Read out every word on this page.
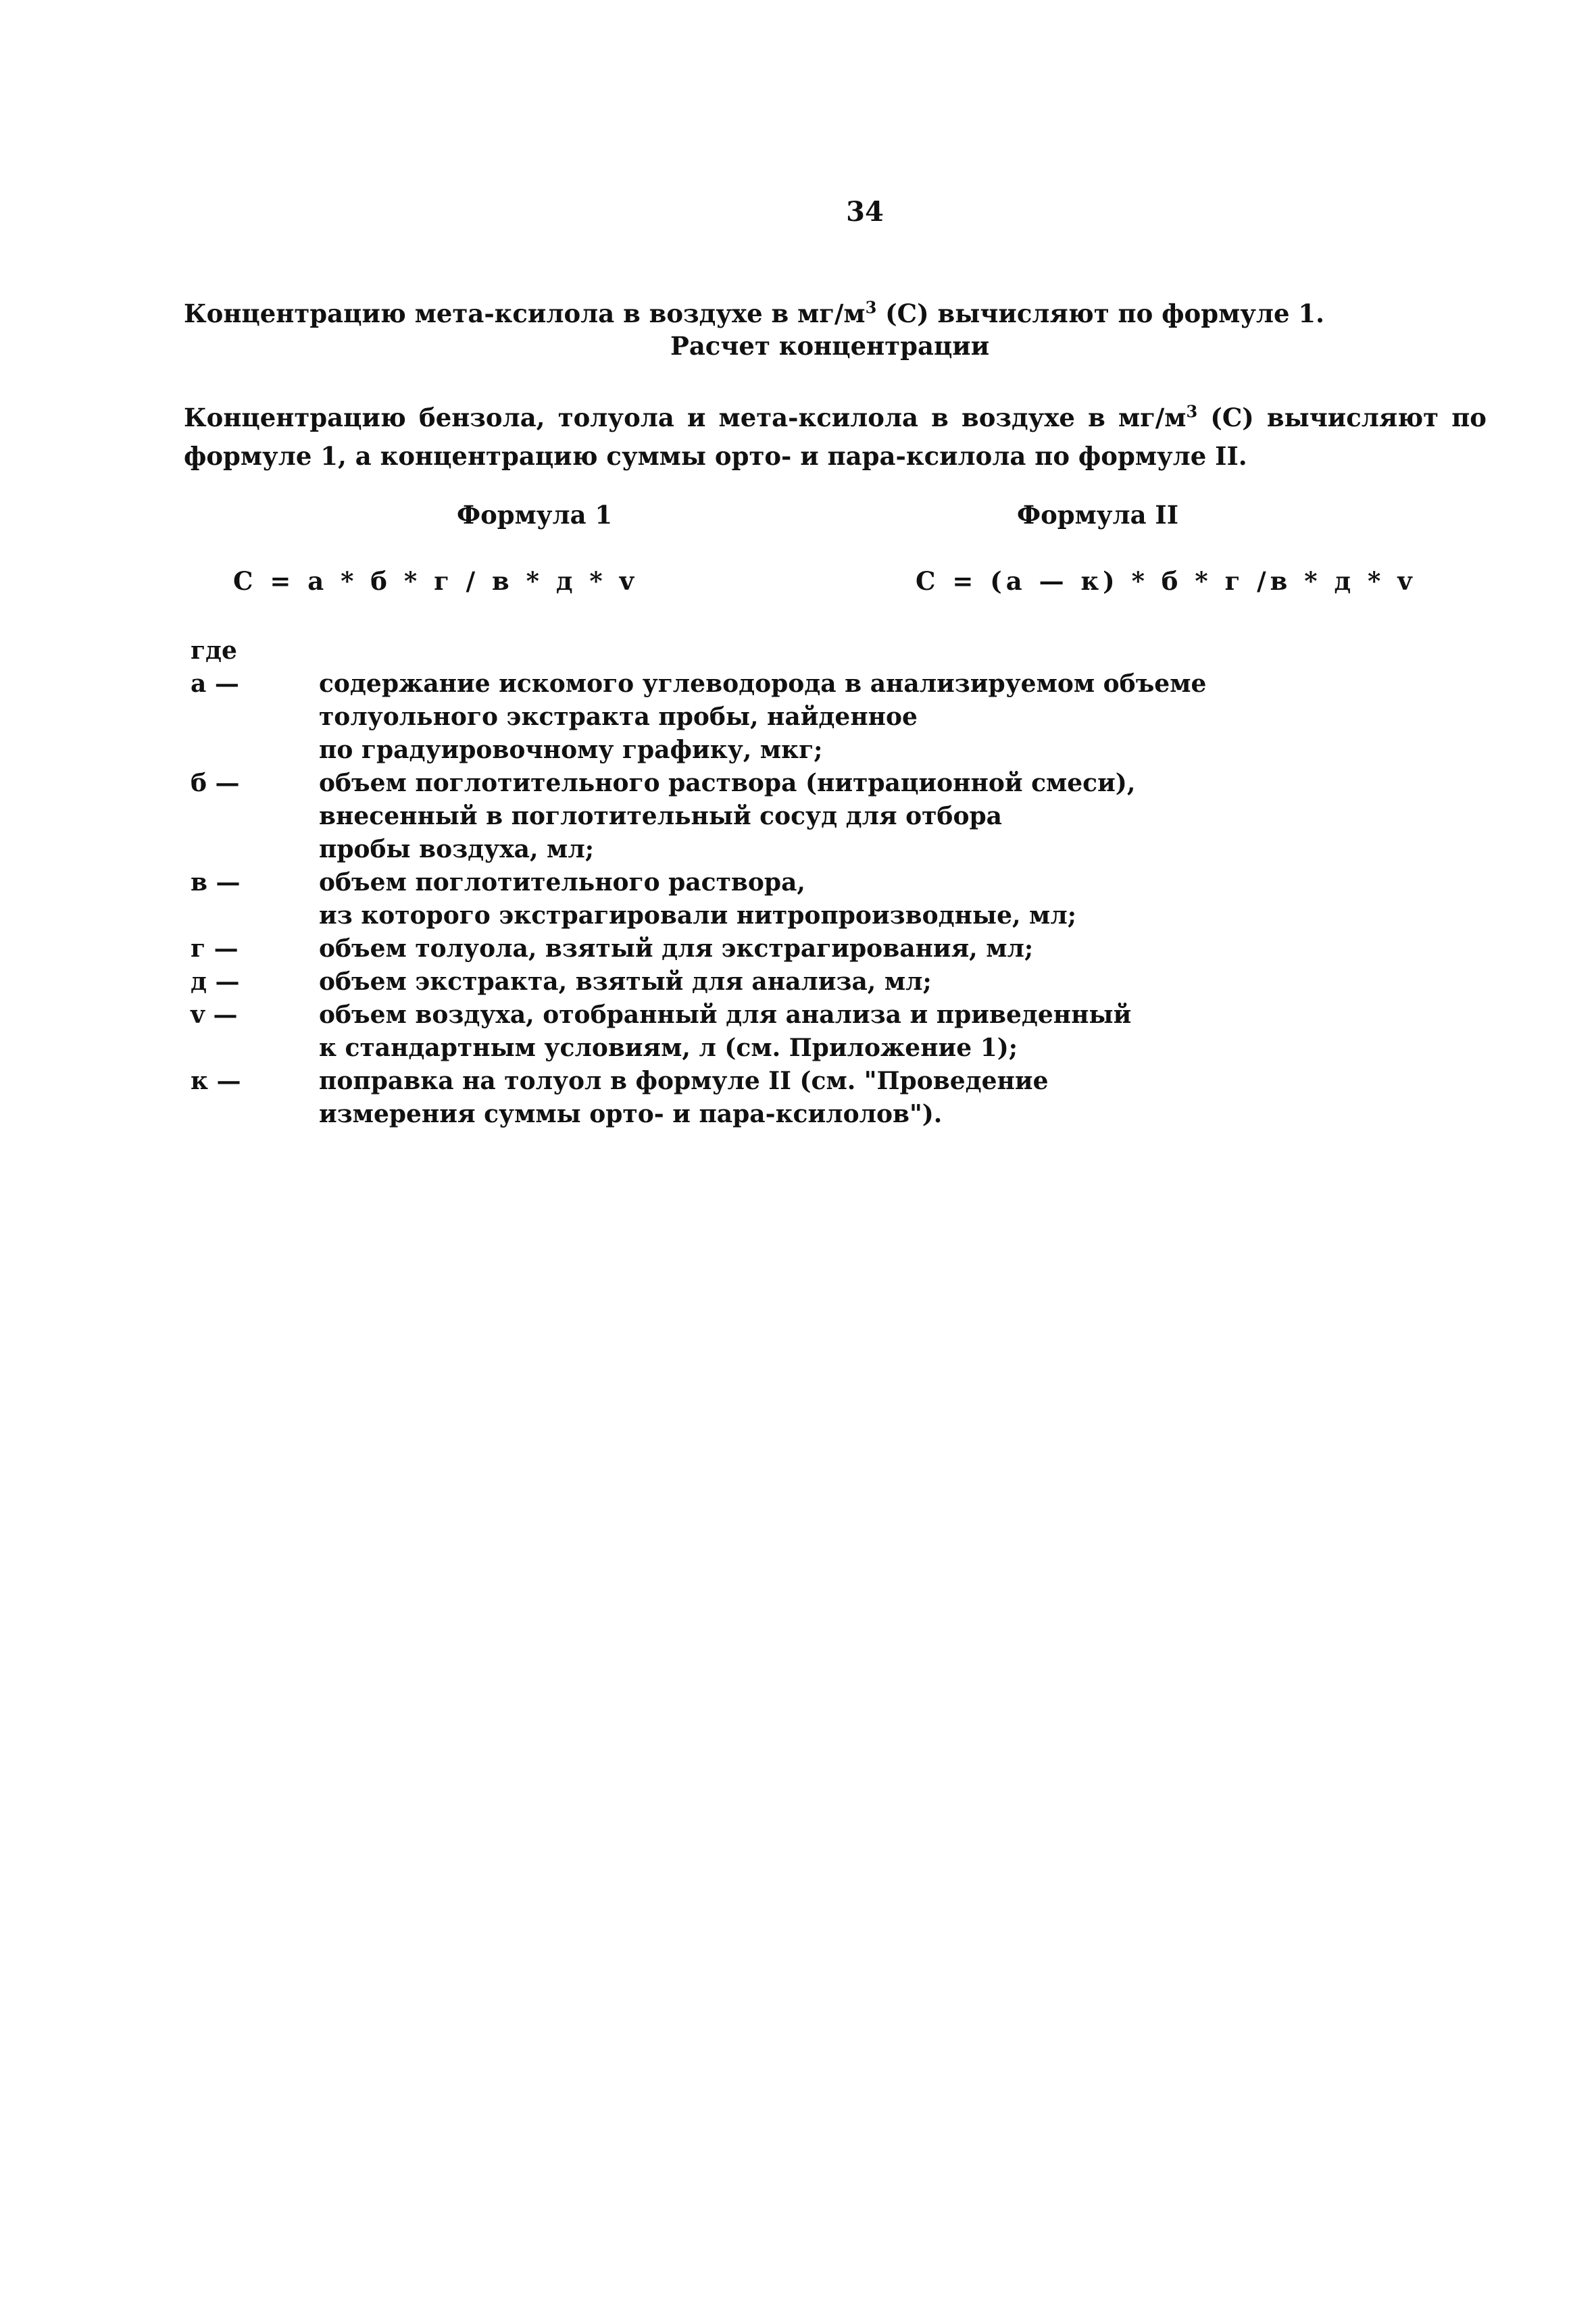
34
Концентрацию мета-ксилола в воздухе в $мг/м^3$ (С) вычисляют по формуле 1.
Расчет концентрации
Концентрацию бензола, толуола и мета-ксилола в воздухе в $мг/м^3$ (С) вычисляют по формуле 1, а концентрацию суммы орто- и пара-ксилола по формуле II.
Формула 1	Формула II
С = а * б * г / в * д * v	С = (а — к) * б * г /в * д * v
где
а —	содержание искомого углеводорода в анализируемом объеме
толуольного экстракта пробы, найденное
по градуировочному графику, мкг;
б —	объем поглотительного раствора (нитрационной смеси),
внесенный в поглотительный сосуд для отбора
пробы воздуха, мл;
в —	объем поглотительного раствора,
из которого экстрагировали нитропроизводные, мл;
г —	объем толуола, взятый для экстрагирования, мл;
д —	объем экстракта, взятый для анализа, мл;
v —	объем воздуха, отобранный для анализа и приведенный
к стандартным условиям, л (см. Приложение 1);
к —	поправка на толуол в формуле II (см. "Проведение
измерения суммы орто- и пара-ксилолов").
